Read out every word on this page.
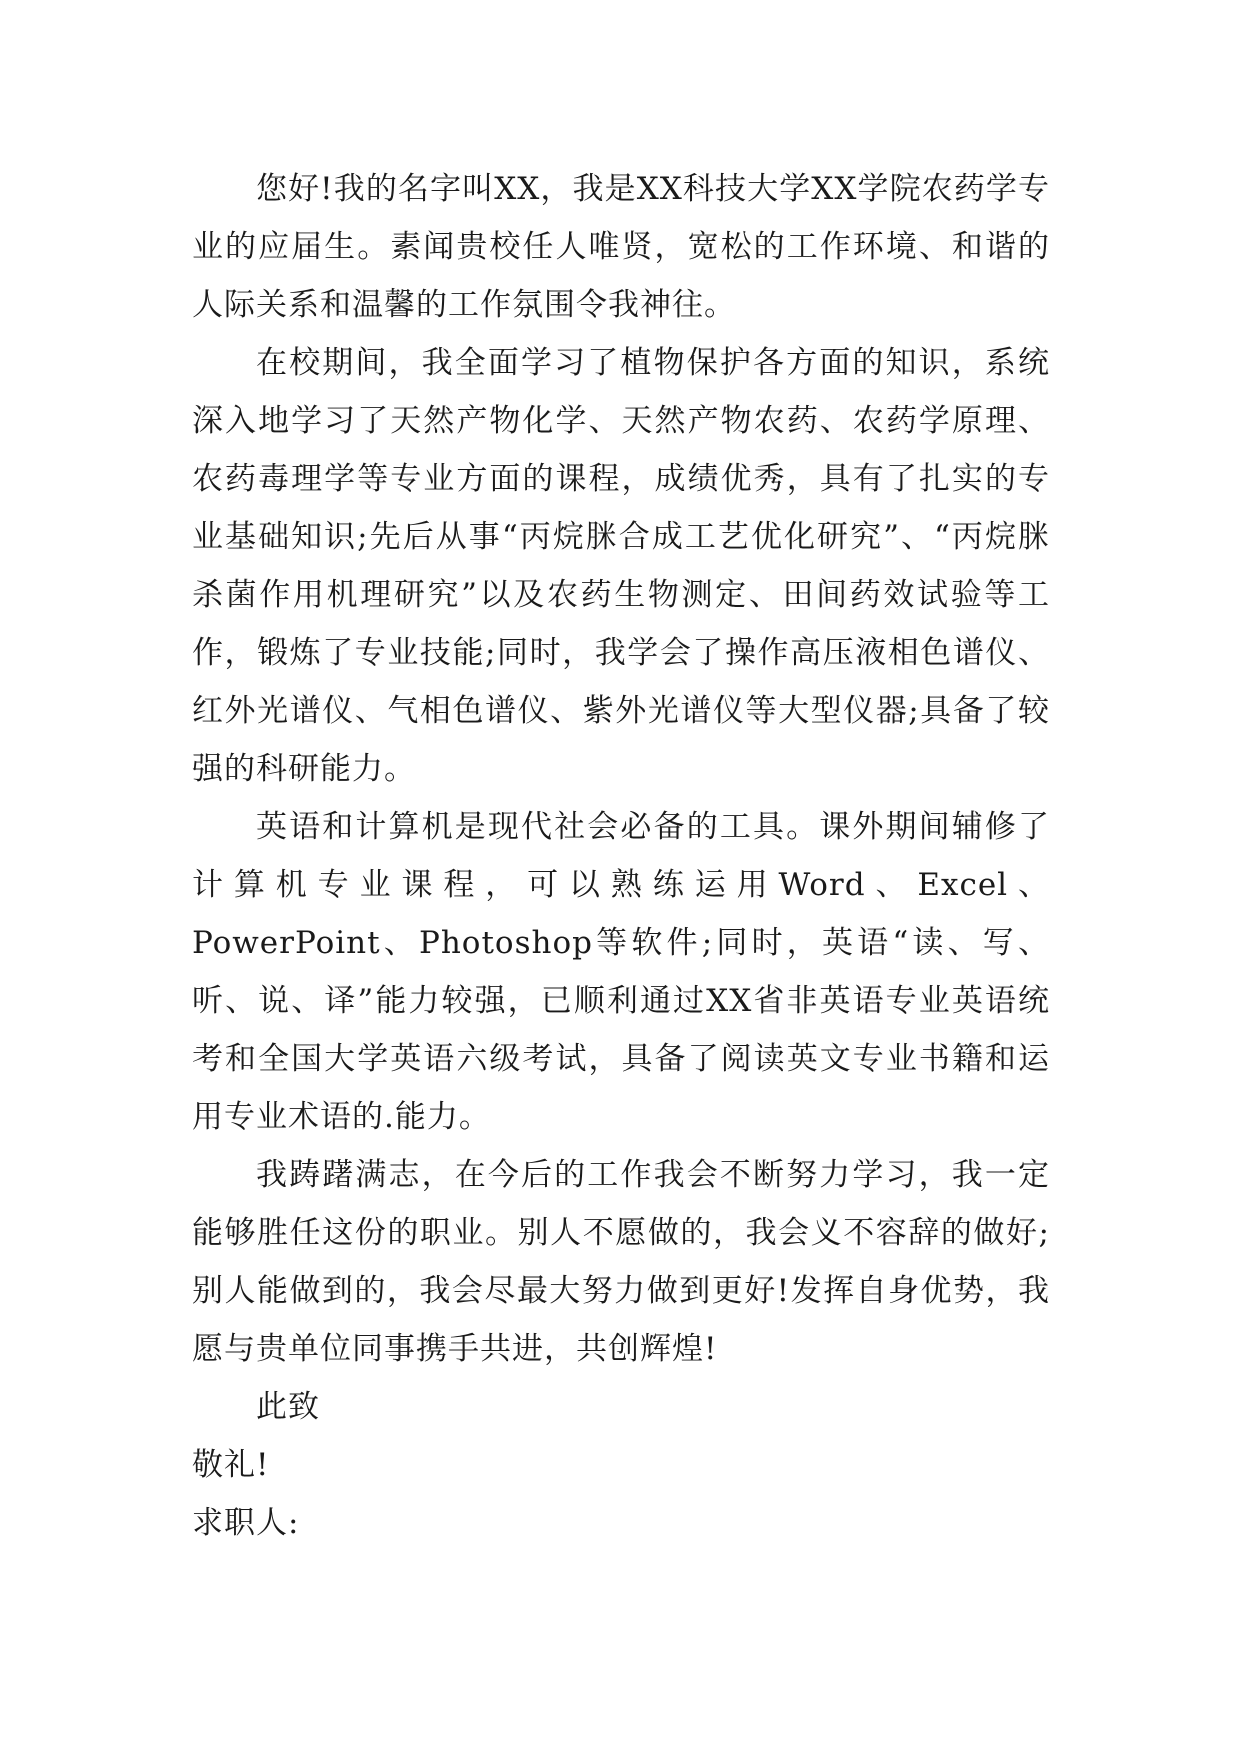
您好!我的名字叫XX，我是XX科技大学XX学院农药学专业的应届生。素闻贵校任人唯贤，宽松的工作环境、和谐的人际关系和温馨的工作氛围令我神往。

在校期间，我全面学习了植物保护各方面的知识，系统深入地学习了天然产物化学、天然产物农药、农药学原理、农药毒理学等专业方面的课程，成绩优秀，具有了扎实的专业基础知识;先后从事“丙烷脒合成工艺优化研究”、“丙烷脒杀菌作用机理研究”以及农药生物测定、田间药效试验等工作，锻炼了专业技能;同时，我学会了操作高压液相色谱仪、红外光谱仪、气相色谱仪、紫外光谱仪等大型仪器;具备了较强的科研能力。

英语和计算机是现代社会必备的工具。课外期间辅修了计算机专业课程，可以熟练运用Word、Excel、PowerPoint、Photoshop等软件;同时，英语“读、写、听、说、译”能力较强，已顺利通过XX省非英语专业英语统考和全国大学英语六级考试，具备了阅读英文专业书籍和运用专业术语的.能力。

我踌躇满志，在今后的工作我会不断努力学习，我一定能够胜任这份的职业。别人不愿做的，我会义不容辞的做好;别人能做到的，我会尽最大努力做到更好!发挥自身优势，我愿与贵单位同事携手共进，共创辉煌!

此致

敬礼!

求职人:
